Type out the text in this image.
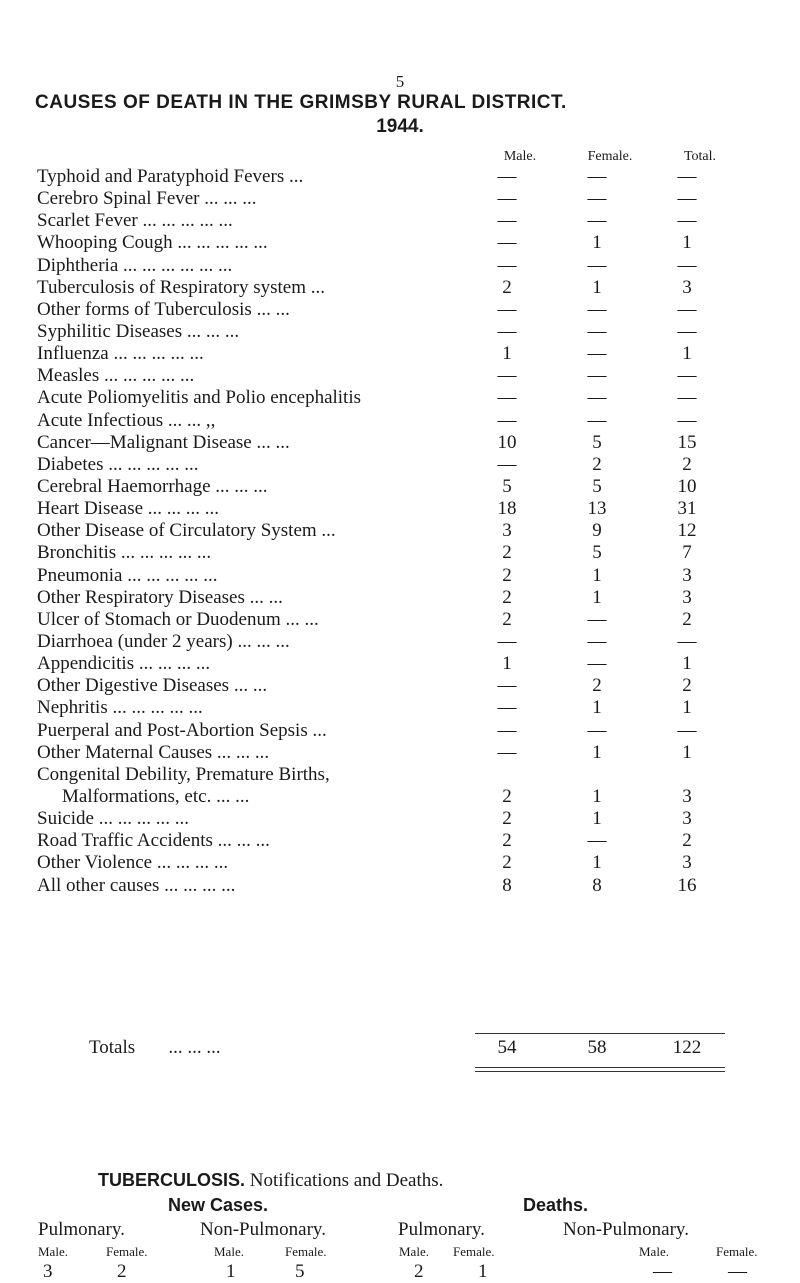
5
CAUSES OF DEATH IN THE GRIMSBY RURAL DISTRICT.
1944.
Male.	Female.	Total.
Typhoid and Paratyphoid Fevers ...	—	—	—
Cerebro Spinal Fever ... ... ...	—	—	—
Scarlet Fever ... ... ... ... ...	—	—	—
Whooping Cough ... ... ... ... ...	—	1	1
Diphtheria ... ... ... ... ... ...	—	—	—
Tuberculosis of Respiratory system ...	2	1	3
Other forms of Tuberculosis ... ...	—	—	—
Syphilitic Diseases ... ... ...	—	—	—
Influenza ... ... ... ... ...	1	—	1
Measles ... ... ... ... ...	—	—	—
Acute Poliomyelitis and Polio encephalitis	—	—	—
Acute Infectious ... ... ,,	—	—	—
Cancer—Malignant Disease ... ...	10	5	15
Diabetes ... ... ... ... ...	—	2	2
Cerebral Haemorrhage ... ... ...	5	5	10
Heart Disease ... ... ... ...	18	13	31
Other Disease of Circulatory System ...	3	9	12
Bronchitis ... ... ... ... ...	2	5	7
Pneumonia ... ... ... ... ...	2	1	3
Other Respiratory Diseases ... ...	2	1	3
Ulcer of Stomach or Duodenum ... ...	2	—	2
Diarrhoea (under 2 years) ... ... ...	—	—	—
Appendicitis ... ... ... ...	1	—	1
Other Digestive Diseases ... ...	—	2	2
Nephritis ... ... ... ... ...	—	1	1
Puerperal and Post-Abortion Sepsis ...	—	—	—
Other Maternal Causes ... ... ...	—	1	1
Congenital Debility, Premature Births,
Malformations, etc. ... ...	2	1	3
Suicide ... ... ... ... ...	2	1	3
Road Traffic Accidents ... ... ...	2	—	2
Other Violence ... ... ... ...	2	1	3
All other causes ... ... ... ...	8	8	16
Totals ... ... ...	54	58	122
TUBERCULOSIS. Notifications and Deaths.
New Cases.	Deaths.
Pulmonary.	Non-Pulmonary.	Pulmonary.	Non-Pulmonary.
Male.	Female.	Male.	Female.	Male. Female.	Male.	Female.
3	2	1	5	2	1	—	—
